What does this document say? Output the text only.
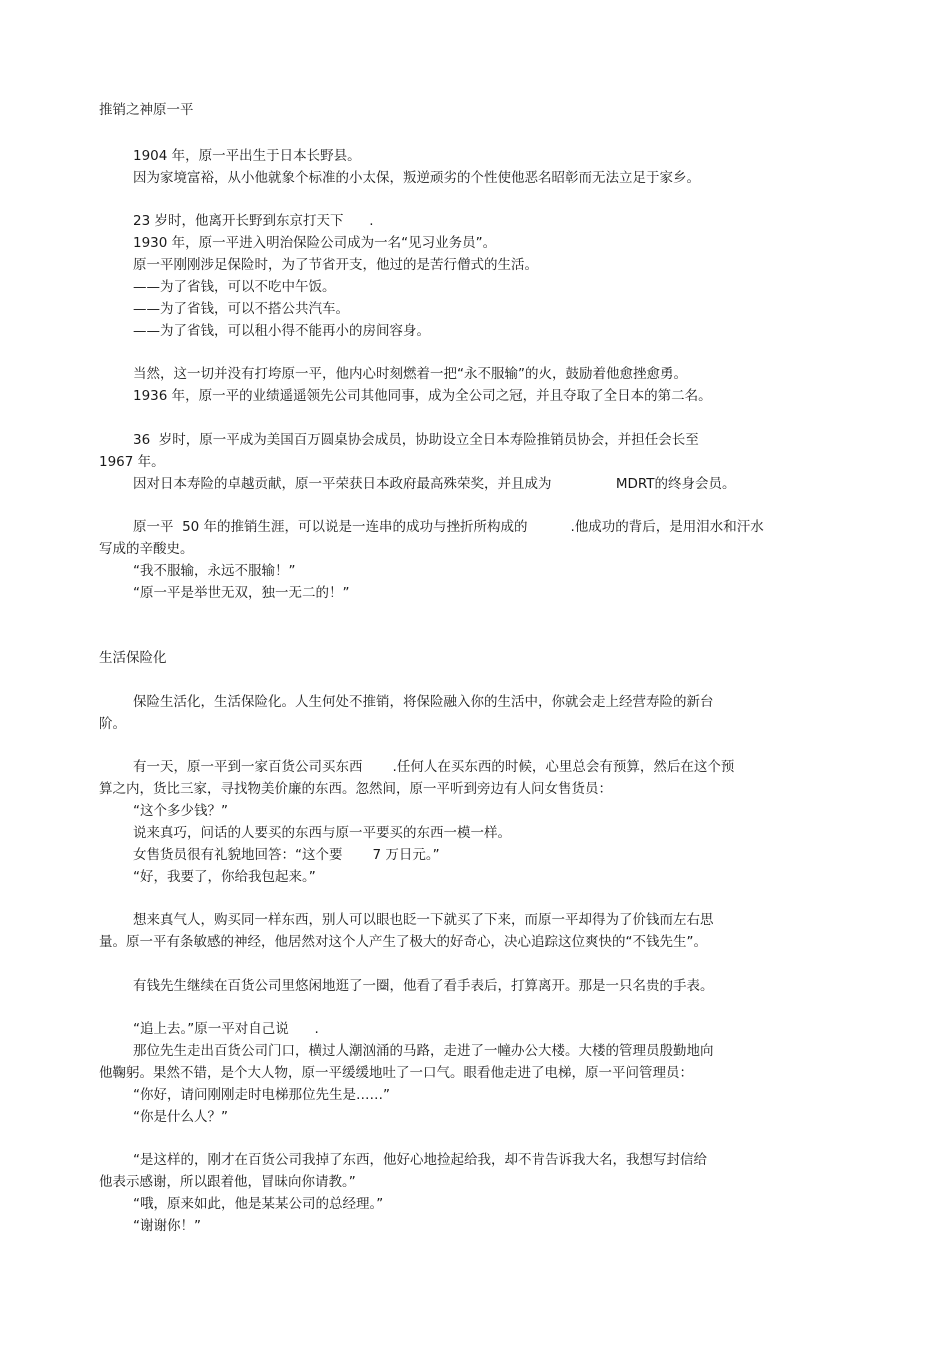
推销之神原一平
1904 年，原一平出生于日本长野县。
因为家境富裕，从小他就象个标准的小太保，叛逆顽劣的个性使他恶名昭彰而无法立足于家乡。
23 岁时，他离开长野到东京打天下      .
1930 年，原一平进入明治保险公司成为一名“见习业务员”。
原一平刚刚涉足保险时，为了节省开支，他过的是苦行僧式的生活。
——为了省钱，可以不吃中午饭。
——为了省钱，可以不搭公共汽车。
——为了省钱，可以租小得不能再小的房间容身。
当然，这一切并没有打垮原一平，他内心时刻燃着一把“永不服输”的火，鼓励着他愈挫愈勇。
1936 年，原一平的业绩遥遥领先公司其他同事，成为全公司之冠，并且夺取了全日本的第二名。
36  岁时，原一平成为美国百万圆桌协会成员，协助设立全日本寿险推销员协会，并担任会长至
1967 年。
因对日本寿险的卓越贡献，原一平荣获日本政府最高殊荣奖，并且成为               MDRT的终身会员。
原一平  50 年的推销生涯，可以说是一连串的成功与挫折所构成的          .他成功的背后，是用泪水和汗水
写成的辛酸史。
“我不服输，永远不服输！”
“原一平是举世无双，独一无二的！”
生活保险化
保险生活化，生活保险化。人生何处不推销，将保险融入你的生活中，你就会走上经营寿险的新台
阶。
有一天，原一平到一家百货公司买东西       .任何人在买东西的时候，心里总会有预算，然后在这个预
算之内，货比三家，寻找物美价廉的东西。忽然间，原一平听到旁边有人问女售货员：
“这个多少钱？”
说来真巧，问话的人要买的东西与原一平要买的东西一模一样。
女售货员很有礼貌地回答：“这个要       7 万日元。”
“好，我要了，你给我包起来。”
想来真气人，购买同一样东西，别人可以眼也眨一下就买了下来，而原一平却得为了价钱而左右思
量。原一平有条敏感的神经，他居然对这个人产生了极大的好奇心，决心追踪这位爽快的“不钱先生”。
有钱先生继续在百货公司里悠闲地逛了一圈，他看了看手表后，打算离开。那是一只名贵的手表。
“追上去。”原一平对自己说      .
那位先生走出百货公司门口，横过人潮汹涌的马路，走进了一幢办公大楼。大楼的管理员殷勤地向
他鞠躬。果然不错，是个大人物，原一平缓缓地吐了一口气。眼看他走进了电梯，原一平问管理员：
“你好，请问刚刚走时电梯那位先生是……”
“你是什么人？”
“是这样的，刚才在百货公司我掉了东西，他好心地捡起给我，却不肯告诉我大名，我想写封信给
他表示感谢，所以跟着他，冒昧向你请教。”
“哦，原来如此，他是某某公司的总经理。”
“谢谢你！”
